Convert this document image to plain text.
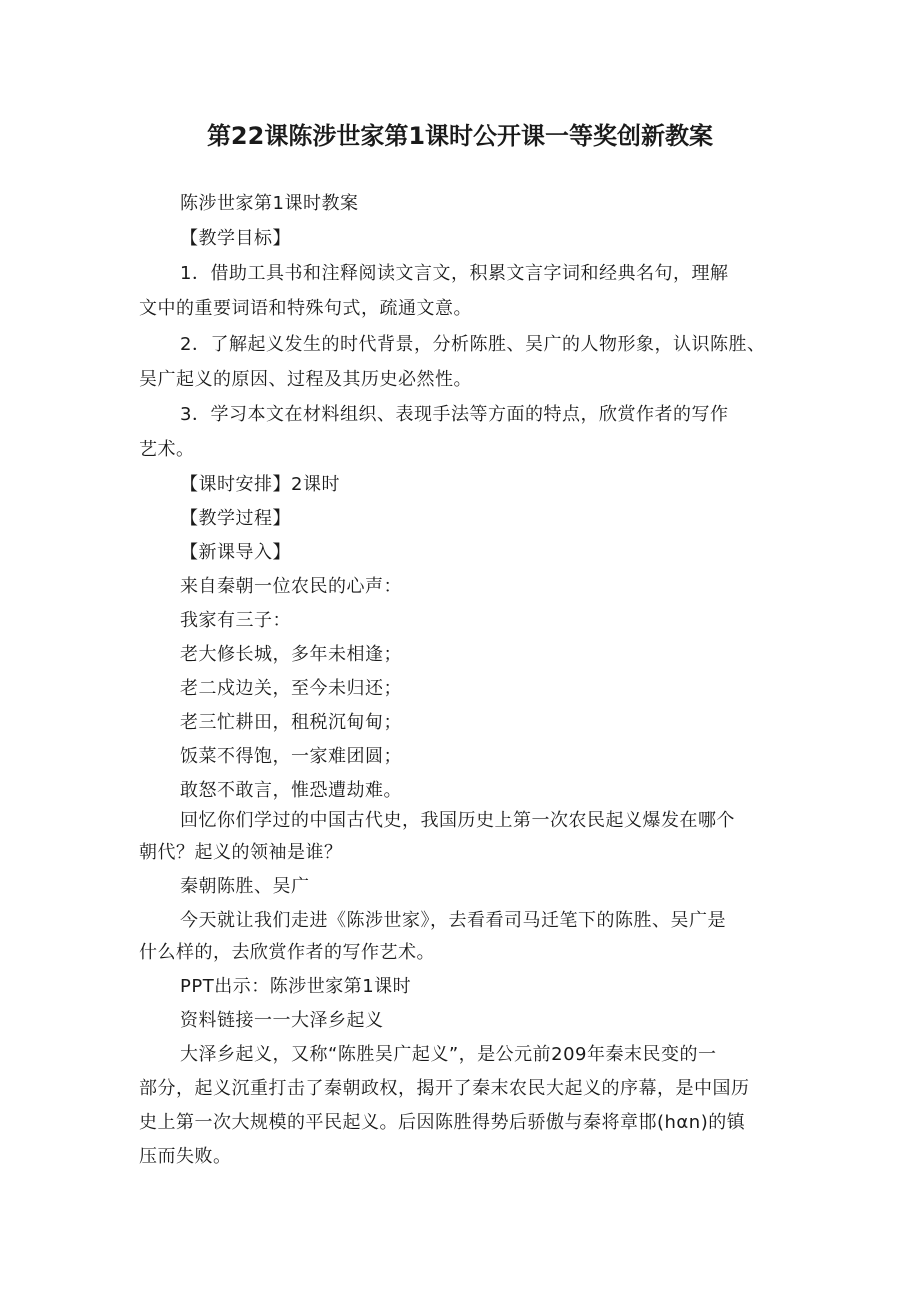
第22课陈涉世家第1课时公开课一等奖创新教案
陈涉世家第1课时教案
【教学目标】
1．借助工具书和注释阅读文言文，积累文言字词和经典名句，理解
文中的重要词语和特殊句式，疏通文意。
2．了解起义发生的时代背景，分析陈胜、吴广的人物形象，认识陈胜、
吴广起义的原因、过程及其历史必然性。
3．学习本文在材料组织、表现手法等方面的特点，欣赏作者的写作
艺术。
【课时安排】2课时
【教学过程】
【新课导入】
来自秦朝一位农民的心声：
我家有三子：
老大修长城，多年未相逢；
老二戍边关，至今未归还；
老三忙耕田，租税沉甸甸；
饭菜不得饱，一家难团圆；
敢怒不敢言，惟恐遭劫难。
回忆你们学过的中国古代史，我国历史上第一次农民起义爆发在哪个
朝代？起义的领袖是谁？
秦朝陈胜、吴广
今天就让我们走进《陈涉世家》，去看看司马迁笔下的陈胜、吴广是
什么样的，去欣赏作者的写作艺术。
PPT出示：陈涉世家第1课时
资料链接一一大泽乡起义
大泽乡起义，又称“陈胜吴广起义”，是公元前209年秦末民变的一
部分，起义沉重打击了秦朝政权，揭开了秦末农民大起义的序幕，是中国历
史上第一次大规模的平民起义。后因陈胜得势后骄傲与秦将章邯(hαn)的镇
压而失败。
